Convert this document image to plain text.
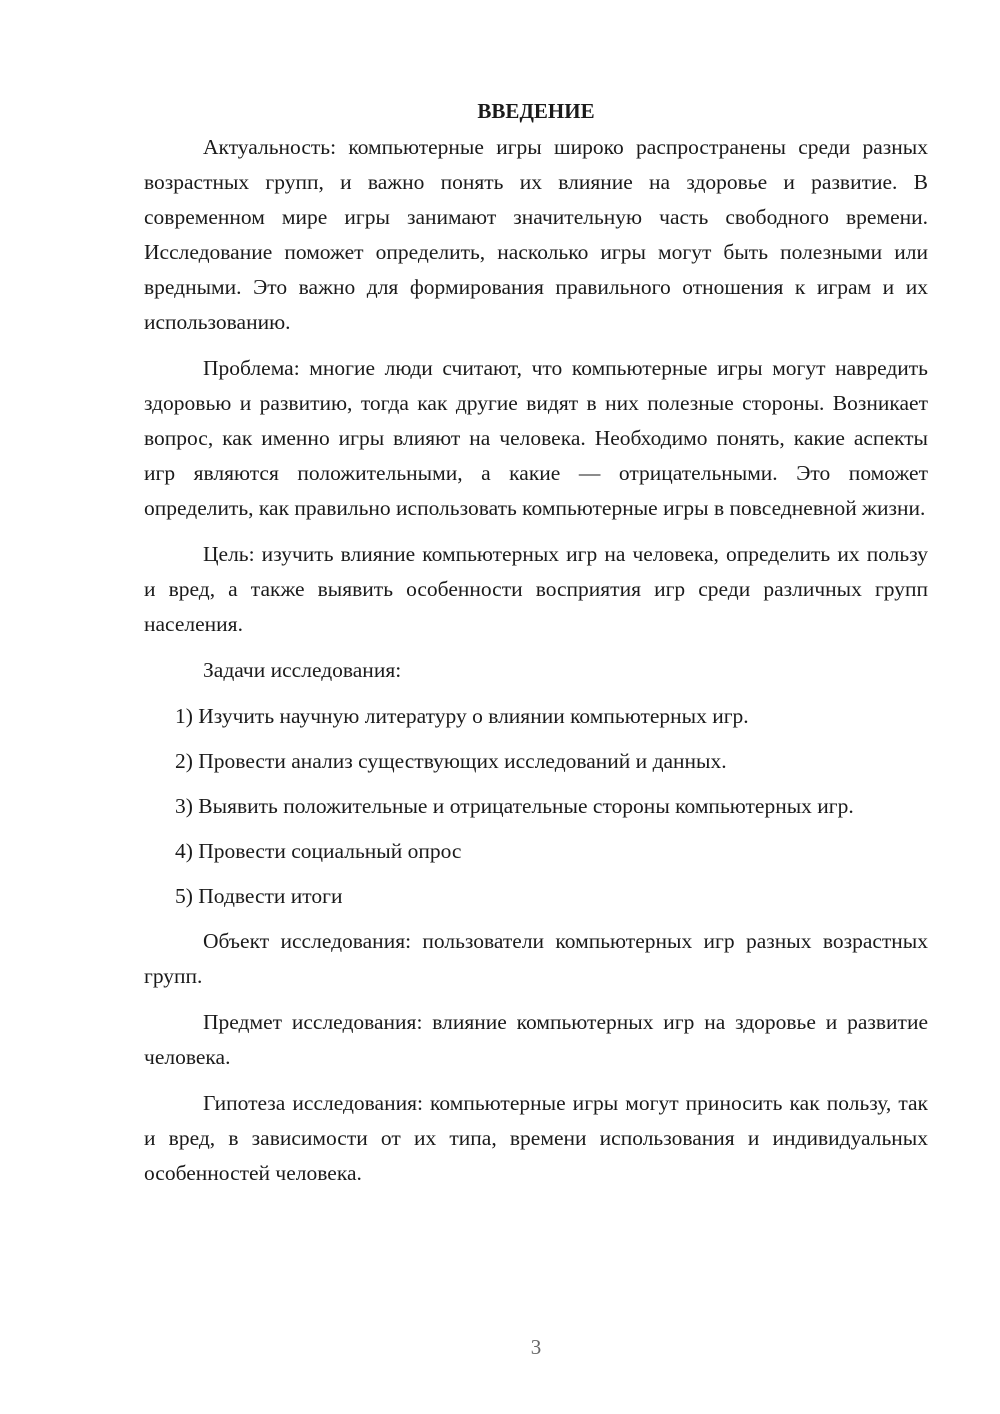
ВВЕДЕНИЕ

Актуальность: компьютерные игры широко распространены среди разных возрастных групп, и важно понять их влияние на здоровье и развитие. В современном мире игры занимают значительную часть свободного времени. Исследование поможет определить, насколько игры могут быть полезными или вредными. Это важно для формирования правильного отношения к играм и их использованию.

Проблема: многие люди считают, что компьютерные игры могут навредить здоровью и развитию, тогда как другие видят в них полезные стороны. Возникает вопрос, как именно игры влияют на человека. Необходимо понять, какие аспекты игр являются положительными, а какие — отрицательными. Это поможет определить, как правильно использовать компьютерные игры в повседневной жизни.

Цель: изучить влияние компьютерных игр на человека, определить их пользу и вред, а также выявить особенности восприятия игр среди различных групп населения.

Задачи исследования:

1) Изучить научную литературу о влиянии компьютерных игр.

2) Провести анализ существующих исследований и данных.

3) Выявить положительные и отрицательные стороны компьютерных игр.

4) Провести социальный опрос

5) Подвести итоги

Объект исследования: пользователи компьютерных игр разных возрастных групп.

Предмет исследования: влияние компьютерных игр на здоровье и развитие человека.

Гипотеза исследования: компьютерные игры могут приносить как пользу, так и вред, в зависимости от их типа, времени использования и индивидуальных особенностей человека.

3
